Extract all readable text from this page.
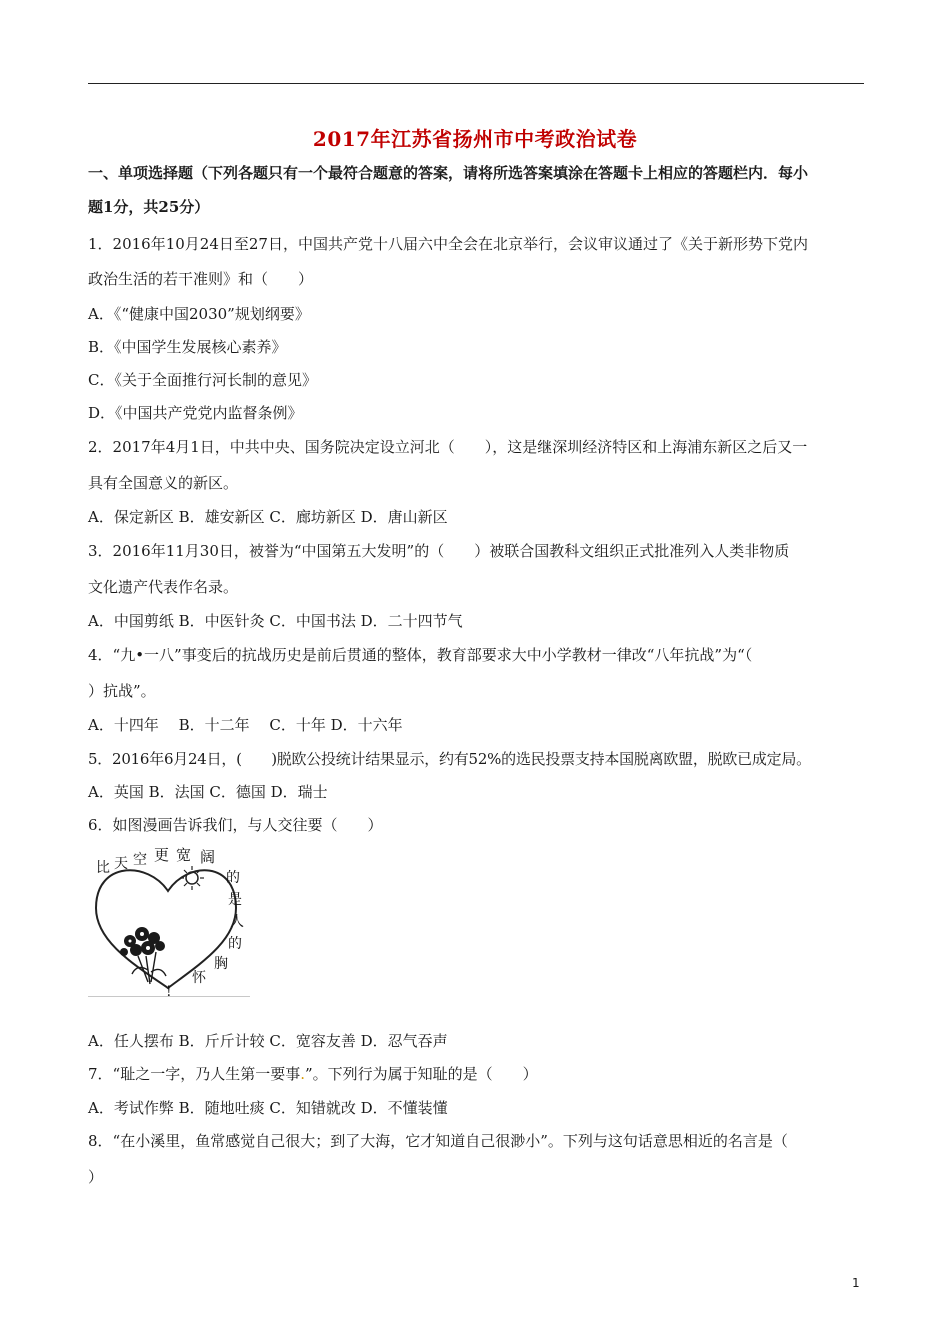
2017年江苏省扬州市中考政治试卷
一、单项选择题（下列各题只有一个最符合题意的答案，请将所选答案填涂在答题卡上相应的答题栏内．每小
题1分，共25分）
1．2016年10月24日至27日，中国共产党十八届六中全会在北京举行，会议审议通过了《关于新形势下党内
政治生活的若干准则》和（　　）
A．《“健康中国2030”规划纲要》
B．《中国学生发展核心素养》
C．《关于全面推行河长制的意见》
D．《中国共产党党内监督条例》
2．2017年4月1日，中共中央、国务院决定设立河北（　　），这是继深圳经济特区和上海浦东新区之后又一
具有全国意义的新区。
A．保定新区 B．雄安新区 C．廊坊新区 D．唐山新区
3．2016年11月30日，被誉为“中国第五大发明”的（　　）被联合国教科文组织正式批准列入人类非物质
文化遗产代表作名录。
A．中国剪纸 B．中医针灸 C．中国书法 D．二十四节气
4．“九•一八”事变后的抗战历史是前后贯通的整体，教育部要求大中小学教材一律改“八年抗战”为“（
）抗战”。
A．十四年　 B．十二年　 C．十年 D．十六年
5．2016年6月24日，(　　)脱欧公投统计结果显示，约有52%的选民投票支持本国脱离欧盟，脱欧已成定局。
A．英国 B．法国 C．德国 D．瑞士
6．如图漫画告诉我们，与人交往要（　　）
比 天 空 更 宽 阔
的
是
人
的
胸
怀
!
A．任人摆布 B．斤斤计较 C．宽容友善 D．忍气吞声
7．“耻之一字，乃人生第一要事.”。下列行为属于知耻的是（　　）
A．考试作弊 B．随地吐痰 C．知错就改 D．不懂装懂
8．“在小溪里，鱼常感觉自己很大；到了大海，它才知道自己很渺小”。下列与这句话意思相近的名言是（
）
1
